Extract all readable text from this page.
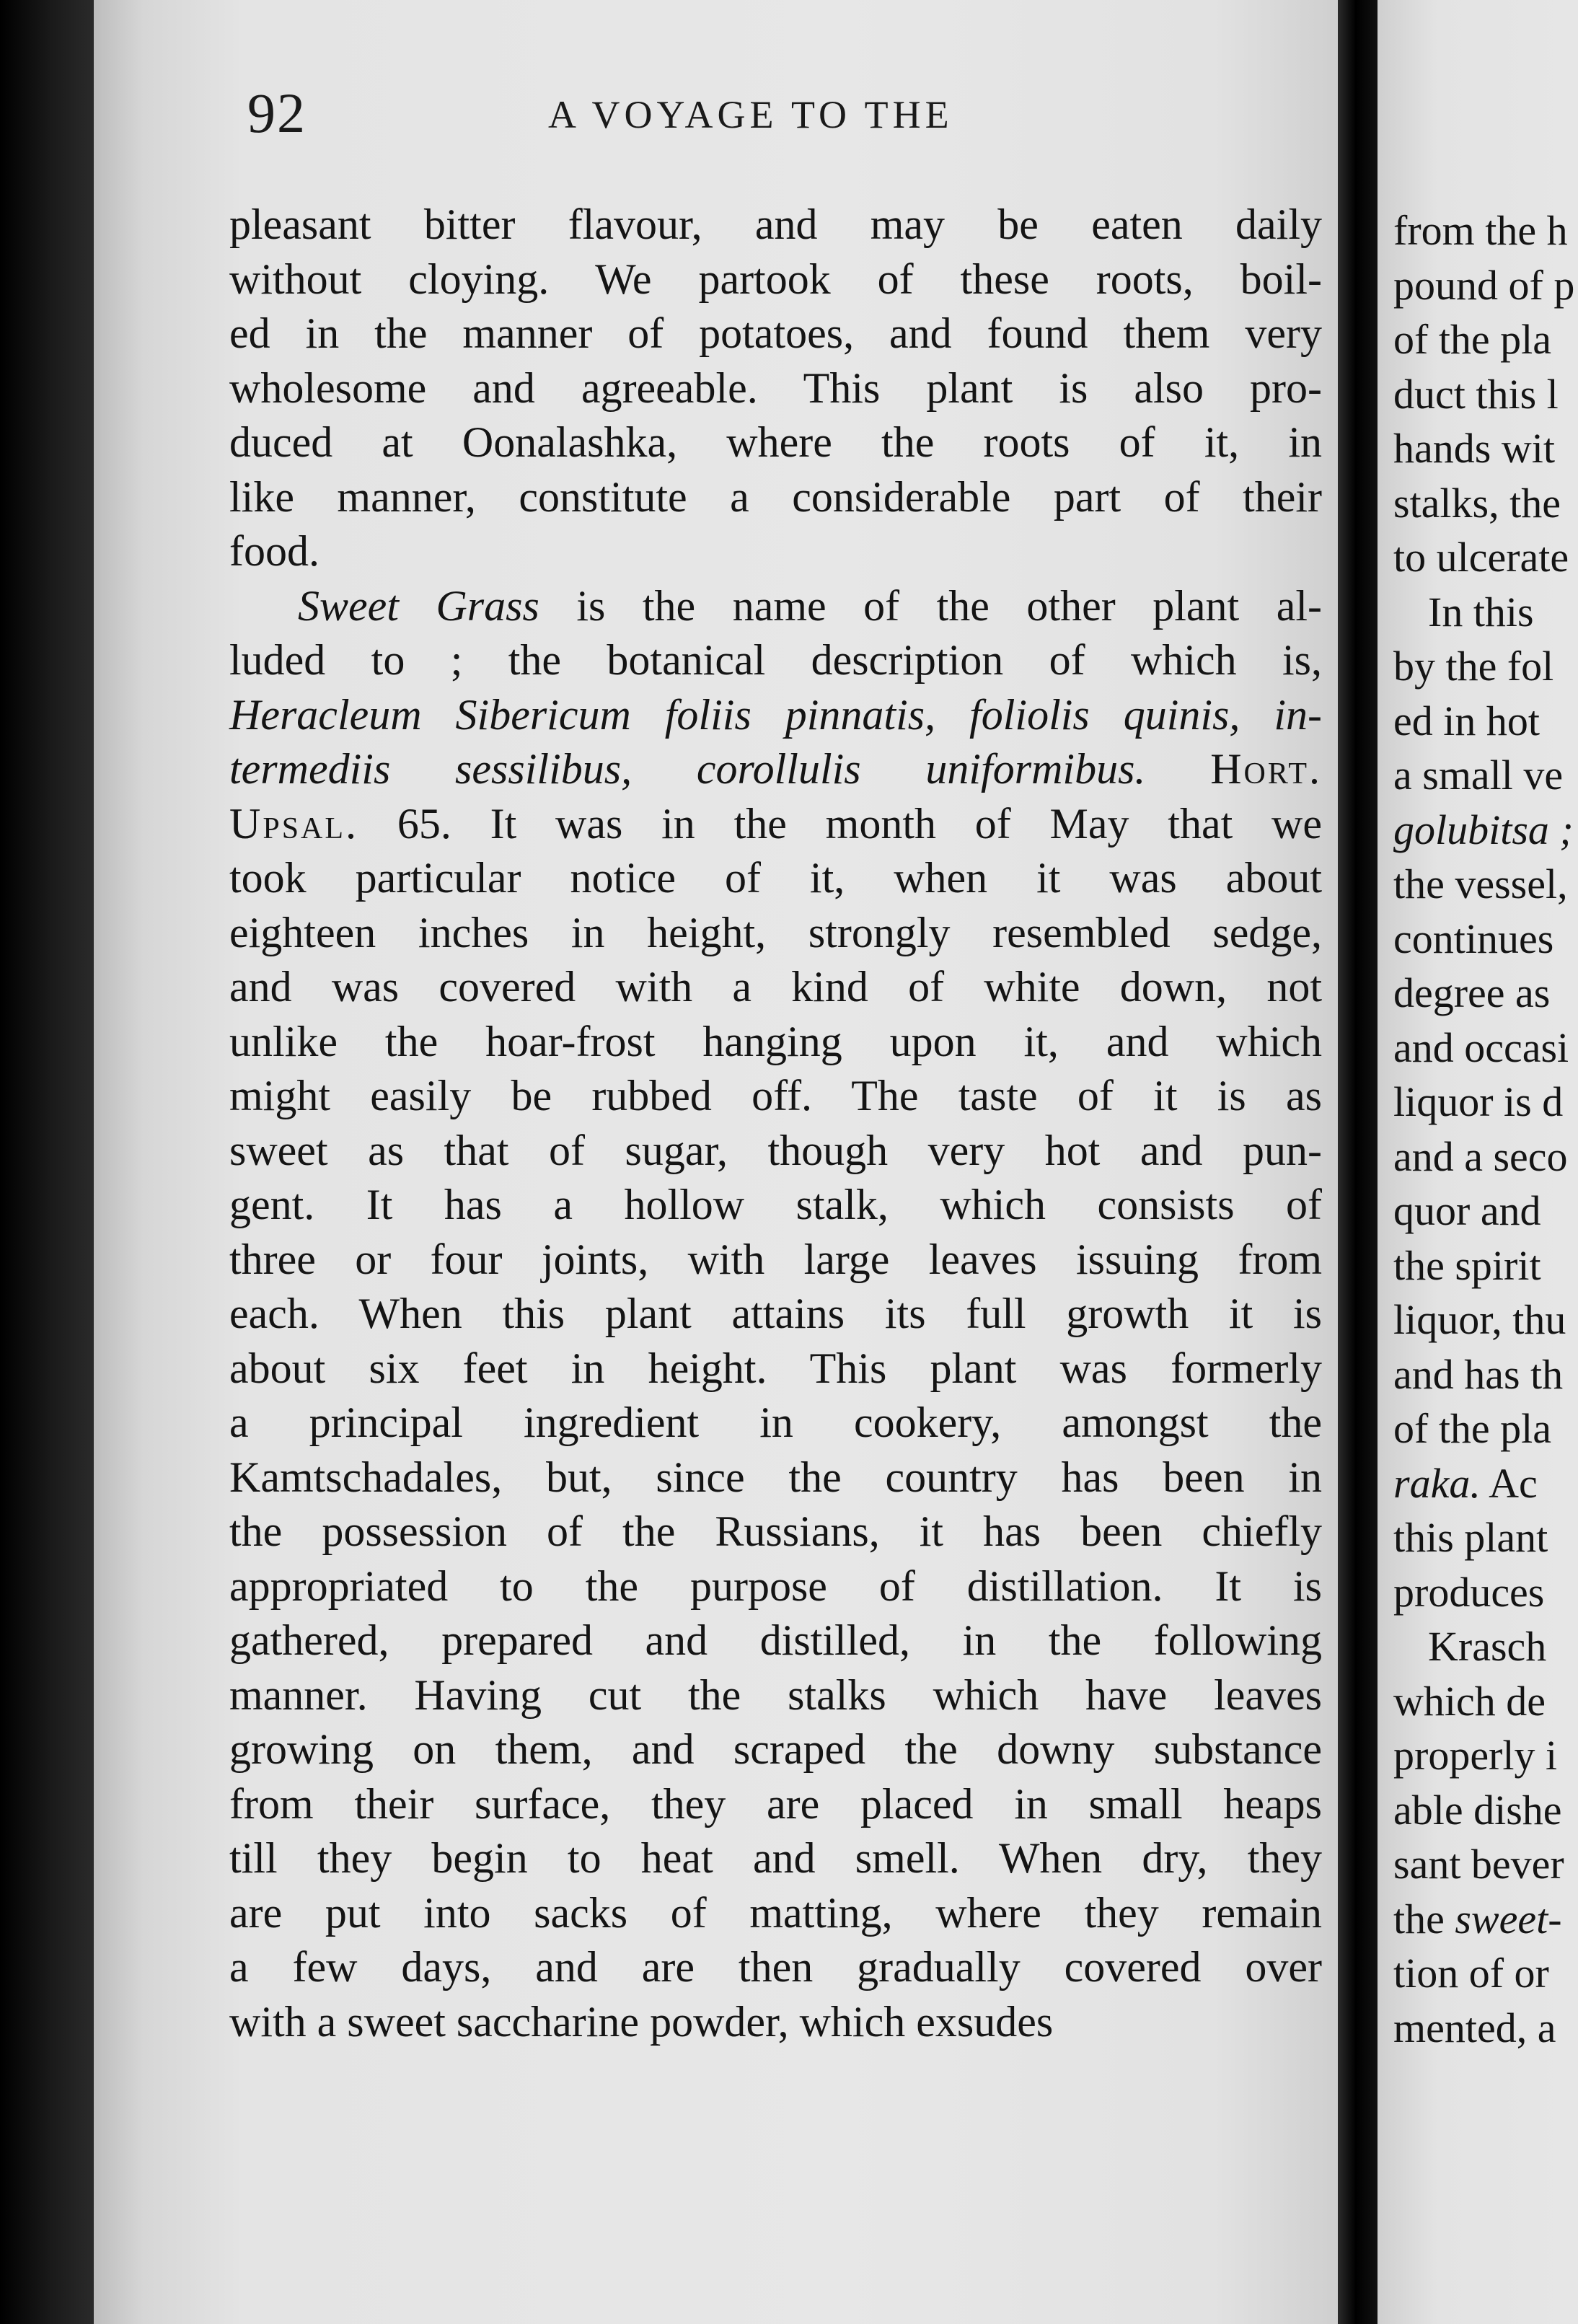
92	A VOYAGE TO THE
pleasant bitter flavour, and may be eaten daily
without cloying. We partook of these roots, boil-
ed in the manner of potatoes, and found them very
wholesome and agreeable. This plant is also pro-
duced at Oonalashka, where the roots of it, in
like manner, constitute a considerable part of their
food.
Sweet Grass is the name of the other plant al-
luded to ; the botanical description of which is,
Heracleum Sibericum foliis pinnatis, foliolis quinis, in-
termediis sessilibus, corollulis uniformibus. Hort.
Upsal. 65. It was in the month of May that we
took particular notice of it, when it was about
eighteen inches in height, strongly resembled sedge,
and was covered with a kind of white down, not
unlike the hoar-frost hanging upon it, and which
might easily be rubbed off. The taste of it is as
sweet as that of sugar, though very hot and pun-
gent. It has a hollow stalk, which consists of
three or four joints, with large leaves issuing from
each. When this plant attains its full growth it is
about six feet in height. This plant was formerly
a principal ingredient in cookery, amongst the
Kamtschadales, but, since the country has been in
the possession of the Russians, it has been chiefly
appropriated to the purpose of distillation. It is
gathered, prepared and distilled, in the following
manner. Having cut the stalks which have leaves
growing on them, and scraped the downy substance
from their surface, they are placed in small heaps
till they begin to heat and smell. When dry, they
are put into sacks of matting, where they remain
a few days, and are then gradually covered over
with a sweet saccharine powder, which exsudes
from the h
pound of p
of the pla
duct this l
hands wit
stalks, the
to ulcerate
In this
by the fol
ed in hot
a small ve
golubitsa ;
the vessel,
continues
degree as
and occasi
liquor is d
and a seco
quor and
the spirit
liquor, thu
and has th
of the pla
raka. Ac
this plant
produces
Krasch
which de
properly i
able dishe
sant bever
the sweet-
tion of or
mented, a
